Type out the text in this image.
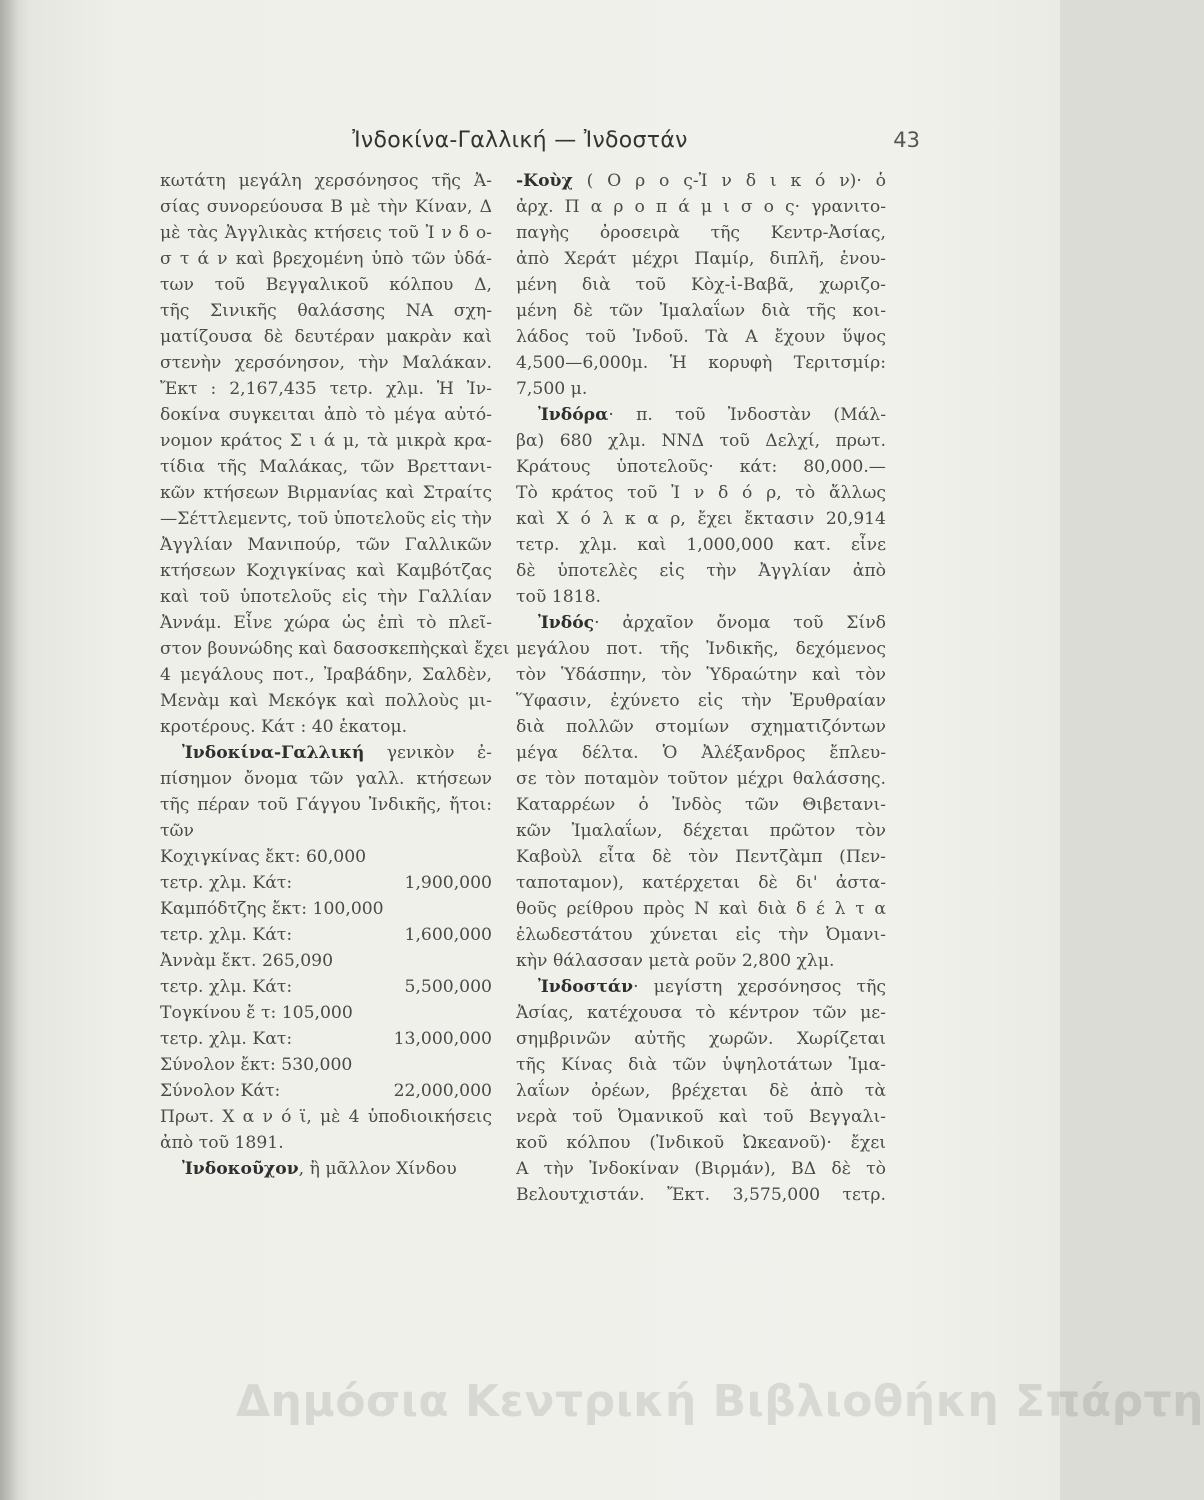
Ἰνδοκίνα-Γαλλική — Ἰνδοστάν	43
κωτάτη μεγάλη χερσόνησος τῆς Ἀ-
σίας συνορεύουσα Β μὲ τὴν Κίναν, Δ
μὲ τὰς Ἀγγλικὰς κτήσεις τοῦ Ἰ ν δ ο-
σ τ ά ν καὶ βρεχομένη ὑπὸ τῶν ὑδά-
των τοῦ Βεγγαλικοῦ κόλπου Δ,
τῆς Σινικῆς θαλάσσης ΝΑ σχη-
ματίζουσα δὲ δευτέραν μακρὰν καὶ
στενὴν χερσόνησον, τὴν Μαλάκαν.
Ἔκτ : 2,167,435 τετρ. χλμ. Ἡ Ἰν-
δοκίνα συγκειται ἀπὸ τὸ μέγα αὐτό-
νομον κράτος Σ ι ά μ, τὰ μικρὰ κρα-
τίδια τῆς Μαλάκας, τῶν Βρεττανι-
κῶν κτήσεων Βιρμανίας καὶ Στραίτς
—Σέττλεμεντς, τοῦ ὑποτελοῦς εἰς τὴν
Ἀγγλίαν Μανιπούρ, τῶν Γαλλικῶν
κτήσεων Κοχιγκίνας καὶ Καμβότζας
καὶ τοῦ ὑποτελοῦς εἰς τὴν Γαλλίαν
Ἀννάμ. Εἶνε χώρα ὡς ἐπὶ τὸ πλεῖ-
στον βουνώδης καὶ δασοσκεπὴςκαὶ ἔχει
4 μεγάλους ποτ., Ἰραβάδην, Σαλδὲν,
Μενὰμ καὶ Μεκόγκ καὶ πολλοὺς μι-
κροτέρους. Κάτ : 40 ἑκατομ.
Ἰνδοκίνα-Γαλλική γενικὸν ἐ-
πίσημον ὄνομα τῶν γαλλ. κτήσεων
τῆς πέραν τοῦ Γάγγου Ἰνδικῆς, ἤτοι:
τῶν
Κοχιγκίνας ἔκτ: 60,000
τετρ. χλμ. Κάτ:	1,900,000
Καμπόδτζης ἔκτ: 100,000
τετρ. χλμ. Κάτ:	1,600,000
Ἀννὰμ ἔκτ. 265,090
τετρ. χλμ. Κάτ:	5,500,000
Τογκίνου ἔ τ: 105,000
τετρ. χλμ. Κατ:	13,000,000
Σύνολον ἔκτ: 530,000
Σύνολον Κάτ:	22,000,000
Πρωτ. Χ α ν ό ϊ, μὲ 4 ὑποδιοικήσεις
ἀπὸ τοῦ 1891.
Ἰνδοκοῦχον, ἢ μᾶλλον Χίνδου
-Κοὺχ ( Ο ρ ο ς-Ἰ ν δ ι κ ό ν)· ὁ
ἀρχ. Π α ρ ο π ά μ ι σ ο ς· γρανιτο-
παγὴς ὀροσειρὰ τῆς Κεντρ-Ἀσίας,
ἀπὸ Χεράτ μέχρι Παμίρ, διπλῆ, ἑνου-
μένη διὰ τοῦ Κὸχ-ἰ-Βαβᾶ, χωριζο-
μένη δὲ τῶν Ἰμαλαΐων διὰ τῆς κοι-
λάδος τοῦ Ἰνδοῦ. Τὰ Α ἔχουν ὕψος
4,500—6,000μ. Ἡ κορυφὴ Τεριτσμίρ:
7,500 μ.
Ἰνδόρα· π. τοῦ Ἰνδοστὰν (Μάλ-
βα) 680 χλμ. ΝΝΔ τοῦ Δελχί, πρωτ.
Κράτους ὑποτελοῦς· κάτ: 80,000.—
Τὸ κράτος τοῦ Ἰ ν δ ό ρ, τὸ ἄλλως
καὶ Χ ό λ κ α ρ, ἔχει ἔκτασιν 20,914
τετρ. χλμ. καὶ 1,000,000 κατ. εἶνε
δὲ ὑποτελὲς εἰς τὴν Ἀγγλίαν ἀπὸ
τοῦ 1818.
Ἰνδός· ἀρχαῖον ὄνομα τοῦ Σίνδ
μεγάλου ποτ. τῆς Ἰνδικῆς, δεχόμενος
τὸν Ὑδάσπην, τὸν Ὑδραώτην καὶ τὸν
Ὕφασιν, ἐχύνετο εἰς τὴν Ἐρυθραίαν
διὰ πολλῶν στομίων σχηματιζόντων
μέγα δέλτα. Ὁ Ἀλέξανδρος ἔπλευ-
σε τὸν ποταμὸν τοῦτον μέχρι θαλάσσης.
Καταρρέων ὁ Ἰνδὸς τῶν Θιβετανι-
κῶν Ἰμαλαΐων, δέχεται πρῶτον τὸν
Καβοὺλ εἶτα δὲ τὸν Πεντζὰμπ (Πεν-
ταποταμον), κατέρχεται δὲ δι' ἀστα-
θοῦς ρείθρου πρὸς Ν καὶ διὰ δ έ λ τ α
ἑλωδεστάτου χύνεται εἰς τὴν Ὀμανι-
κὴν θάλασσαν μετὰ ροῦν 2,800 χλμ.
Ἰνδοστάν· μεγίστη χερσόνησος τῆς
Ἀσίας, κατέχουσα τὸ κέντρον τῶν με-
σημβρινῶν αὐτῆς χωρῶν. Χωρίζεται
τῆς Κίνας διὰ τῶν ὑψηλοτάτων Ἰμα-
λαΐων ὀρέων, βρέχεται δὲ ἀπὸ τὰ
νερὰ τοῦ Ὀμανικοῦ καὶ τοῦ Βεγγαλι-
κοῦ κόλπου (Ἰνδικοῦ Ὠκεανοῦ)· ἔχει
Α τὴν Ἰνδοκίναν (Βιρμάν), ΒΔ δὲ τὸ
Βελουτχιστάν. Ἔκτ. 3,575,000 τετρ.
Δημόσια Κεντρική Βιβλιοθήκη Σπάρτη
